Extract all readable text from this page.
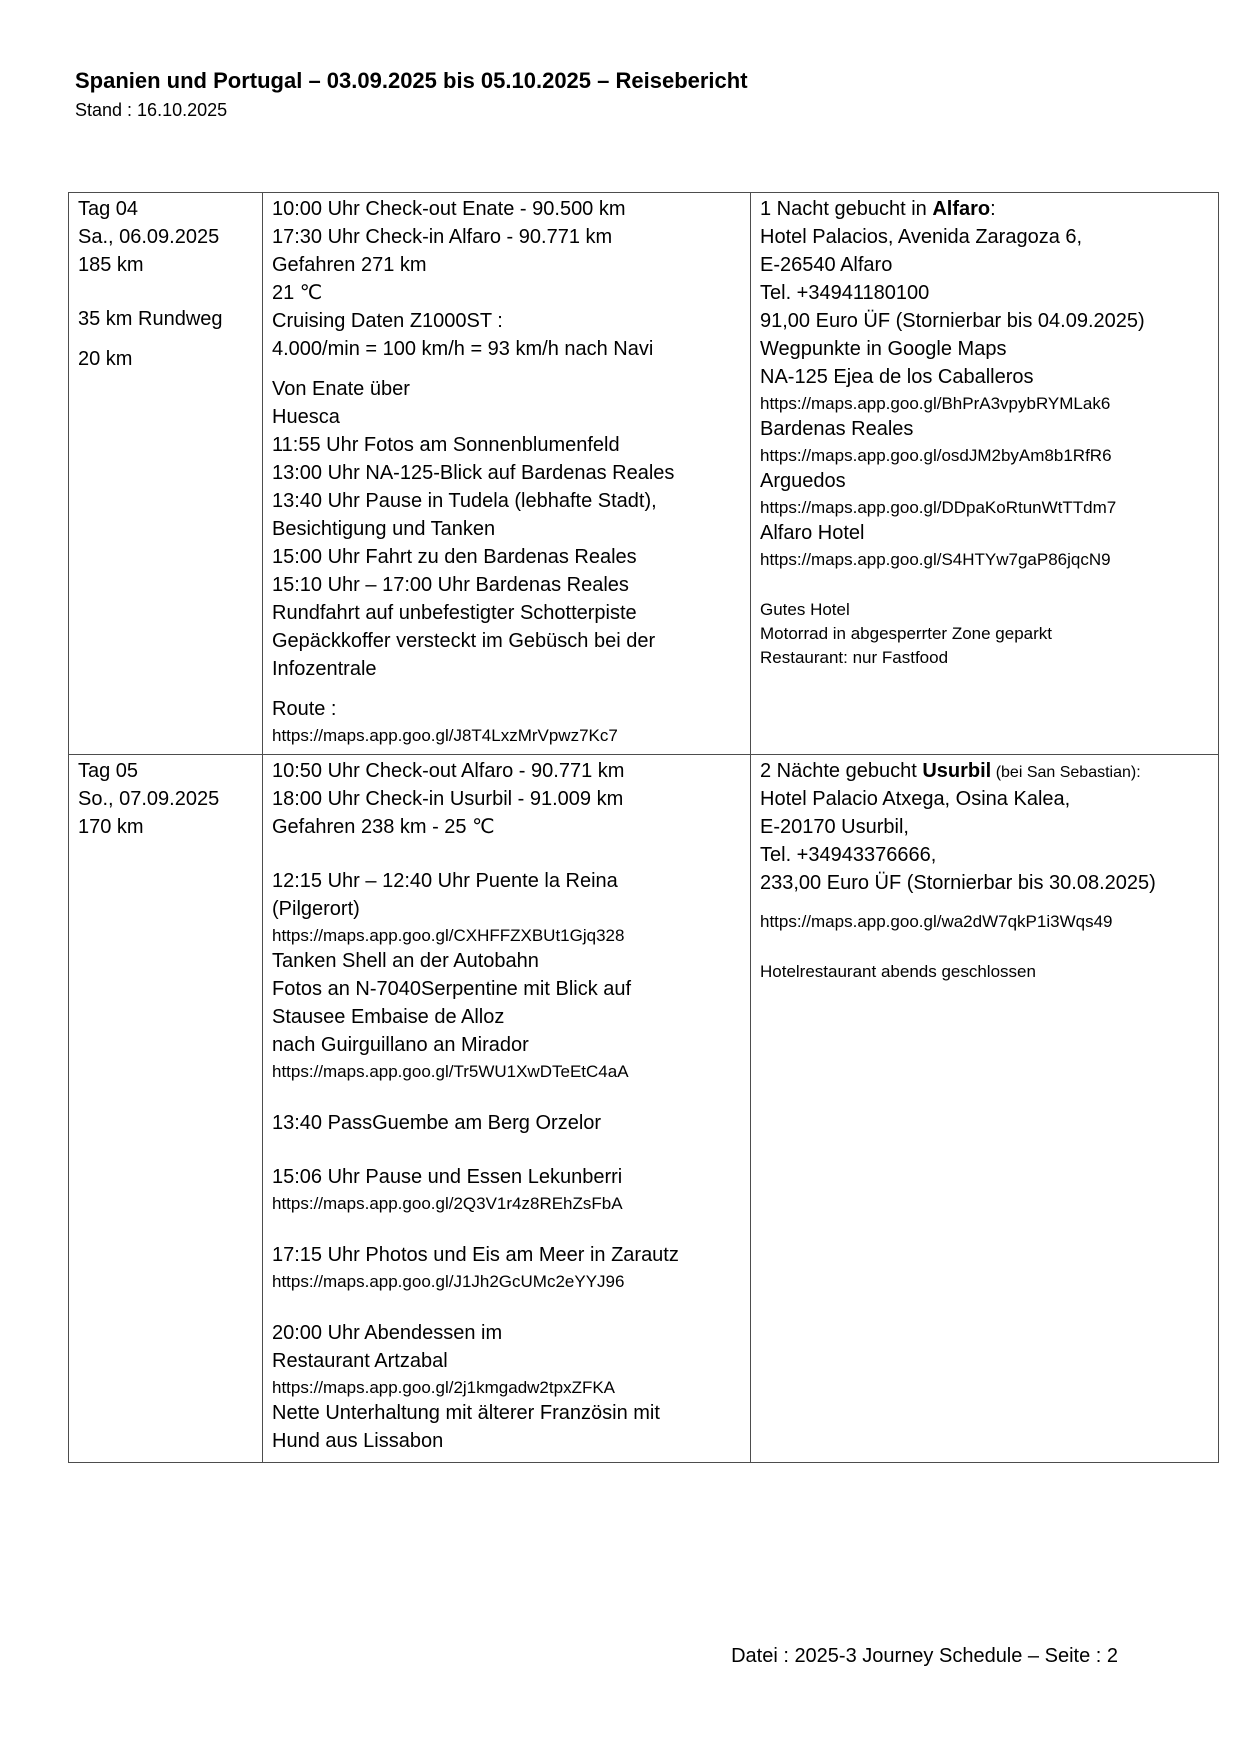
Spanien und Portugal – 03.09.2025 bis 05.10.2025 – Reisebericht
Stand : 16.10.2025
Tag 04
Sa., 06.09.2025
185 km
35 km Rundweg
20 km
10:00 Uhr Check-out Enate - 90.500 km
17:30 Uhr Check-in Alfaro - 90.771 km
Gefahren 271 km
21 ℃
Cruising Daten Z1000ST :
4.000/min = 100 km/h = 93 km/h nach Navi
Von Enate über
Huesca
11:55 Uhr Fotos am Sonnenblumenfeld
13:00 Uhr NA-125-Blick auf Bardenas Reales
13:40 Uhr Pause in Tudela (lebhafte Stadt),
Besichtigung und Tanken
15:00 Uhr Fahrt zu den Bardenas Reales
15:10 Uhr – 17:00 Uhr Bardenas Reales
Rundfahrt auf unbefestigter Schotterpiste
Gepäckkoffer versteckt im Gebüsch bei der
Infozentrale
Route :
https://maps.app.goo.gl/J8T4LxzMrVpwz7Kc7
1 Nacht gebucht in Alfaro:
Hotel Palacios, Avenida Zaragoza 6,
E-26540 Alfaro
Tel. +34941180100
91,00 Euro ÜF (Stornierbar bis 04.09.2025)
Wegpunkte in Google Maps
NA-125 Ejea de los Caballeros
https://maps.app.goo.gl/BhPrA3vpybRYMLak6
Bardenas Reales
https://maps.app.goo.gl/osdJM2byAm8b1RfR6
Arguedos
https://maps.app.goo.gl/DDpaKoRtunWtTTdm7
Alfaro Hotel
https://maps.app.goo.gl/S4HTYw7gaP86jqcN9
Gutes Hotel
Motorrad in abgesperrter Zone geparkt
Restaurant: nur Fastfood
Tag 05
So., 07.09.2025
170 km
10:50 Uhr Check-out Alfaro - 90.771 km
18:00 Uhr Check-in Usurbil - 91.009 km
Gefahren 238 km - 25 ℃
12:15 Uhr – 12:40 Uhr Puente la Reina
(Pilgerort)
https://maps.app.goo.gl/CXHFFZXBUt1Gjq328
Tanken Shell an der Autobahn
Fotos an N-7040Serpentine mit Blick auf
Stausee Embaise de Alloz
nach Guirguillano an Mirador
https://maps.app.goo.gl/Tr5WU1XwDTeEtC4aA
13:40 PassGuembe am Berg Orzelor
15:06 Uhr Pause und Essen Lekunberri
https://maps.app.goo.gl/2Q3V1r4z8REhZsFbA
17:15 Uhr Photos und Eis am Meer in Zarautz
https://maps.app.goo.gl/J1Jh2GcUMc2eYYJ96
20:00 Uhr Abendessen im
Restaurant Artzabal
https://maps.app.goo.gl/2j1kmgadw2tpxZFKA
Nette Unterhaltung mit älterer Französin mit
Hund aus Lissabon
2 Nächte gebucht Usurbil (bei San Sebastian):
Hotel Palacio Atxega, Osina Kalea,
E-20170 Usurbil,
Tel. +34943376666,
233,00 Euro ÜF (Stornierbar bis 30.08.2025)
https://maps.app.goo.gl/wa2dW7qkP1i3Wqs49
Hotelrestaurant abends geschlossen
Datei : 2025-3 Journey Schedule – Seite : 2
